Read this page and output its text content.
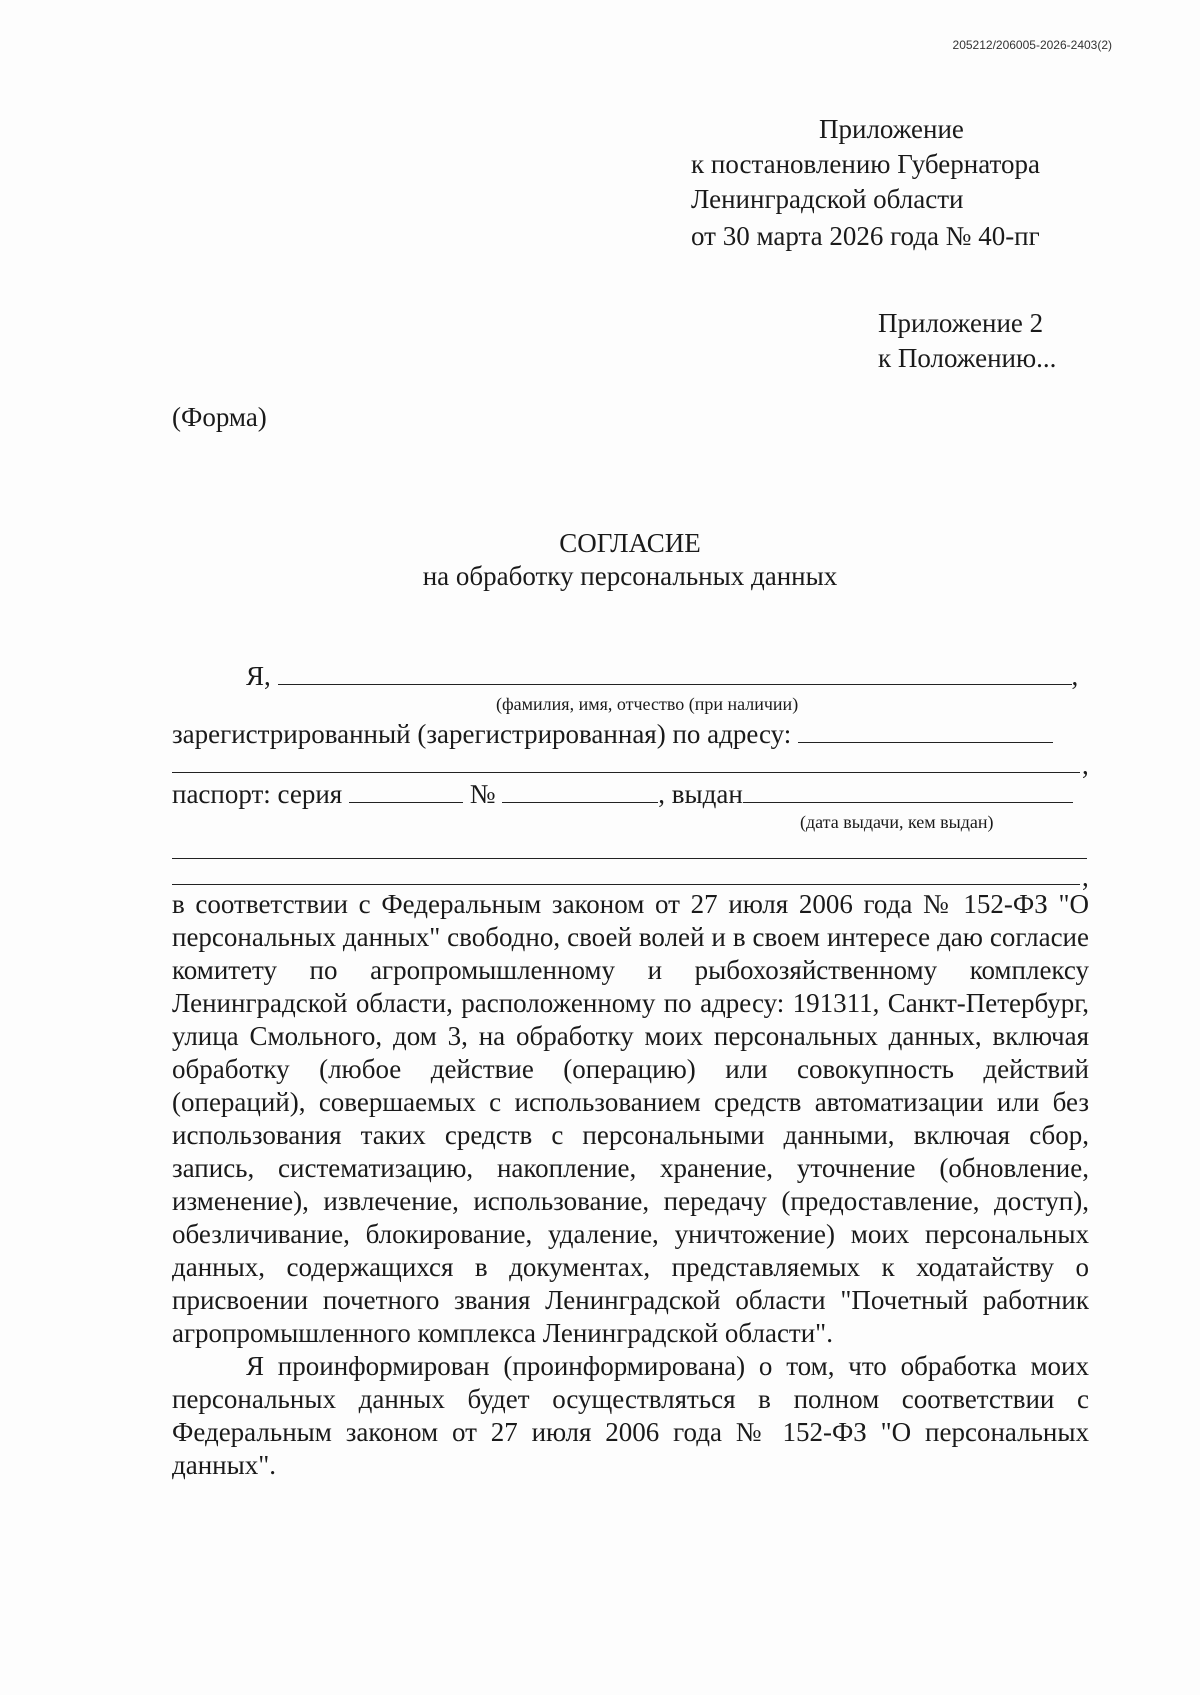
205212/206005-2026-2403(2)
Приложение
к постановлению Губернатора
Ленинградской области
от 30 марта 2026 года № 40-пг
Приложение 2
к Положению...
(Форма)
СОГЛАСИЕ
на обработку персональных данных
Я,	,
(фамилия, имя, отчество (при наличии)
зарегистрированный (зарегистрированная) по адресу:
,
паспорт: серия	№	, выдан
(дата выдачи, кем выдан)
,

в соответствии с Федеральным законом от 27 июля 2006 года № 152-ФЗ "О персональных данных" свободно, своей волей и в своем интересе даю согласие комитету по агропромышленному и рыбохозяйственному комплексу Ленинградской области, расположенному по адресу: 191311, Санкт-Петербург, улица Смольного, дом 3, на обработку моих персональных данных, включая обработку (любое действие (операцию) или совокупность действий (операций), совершаемых с использованием средств автоматизации или без использования таких средств с персональными данными, включая сбор, запись, систематизацию, накопление, хранение, уточнение (обновление, изменение), извлечение, использование, передачу (предоставление, доступ), обезличивание, блокирование, удаление, уничтожение) моих персональных данных, содержащихся в документах, представляемых к ходатайству о присвоении почетного звания Ленинградской области "Почетный работник агропромышленного комплекса Ленинградской области".

Я проинформирован (проинформирована) о том, что обработка моих персональных данных будет осуществляться в полном соответствии с Федеральным законом от 27 июля 2006 года № 152-ФЗ "О персональных данных".
